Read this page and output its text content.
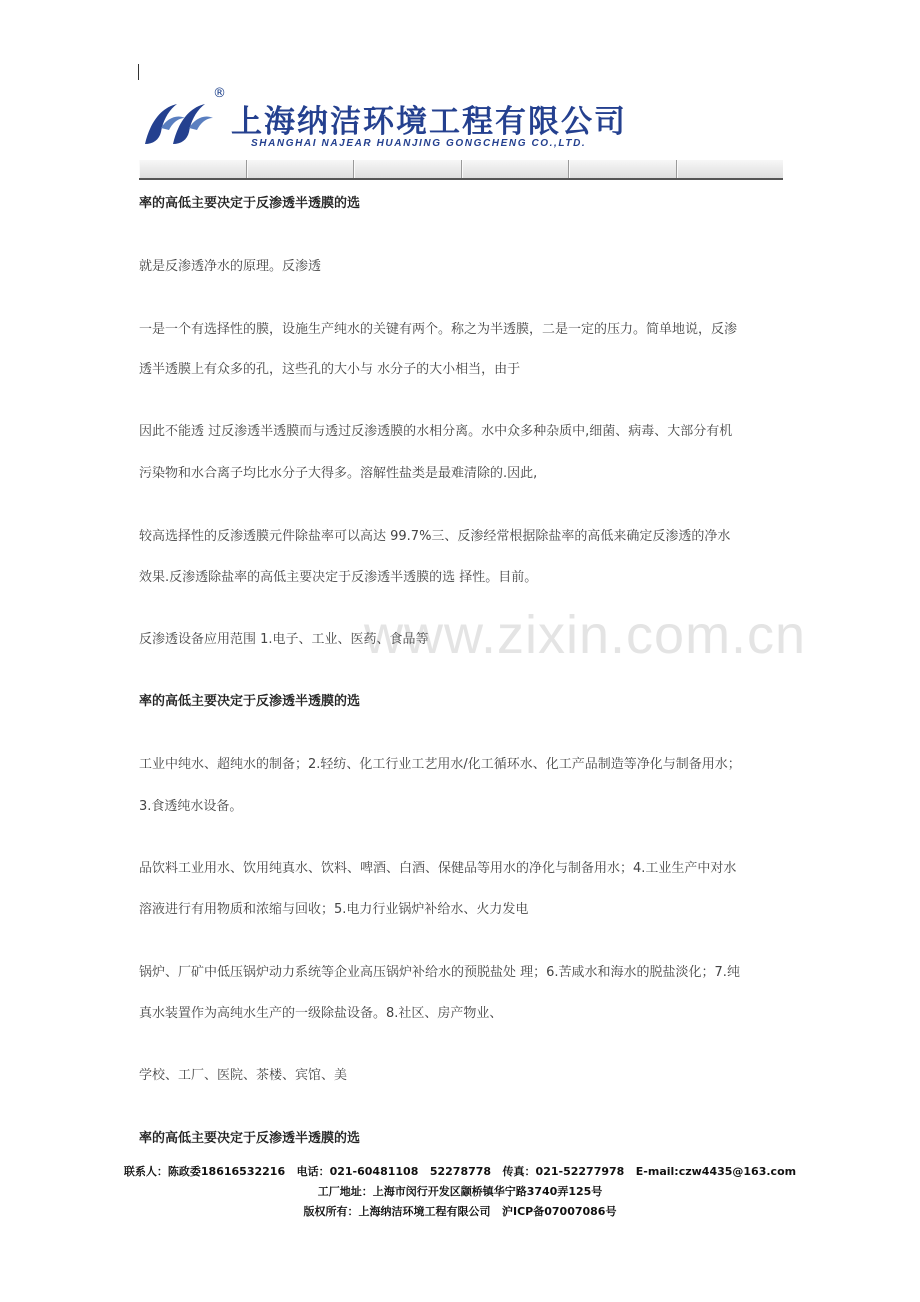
®
上海纳洁环境工程有限公司
SHANGHAI NAJEAR HUANJING GONGCHENG CO.,LTD.
www.zixin.com.cn
率的高低主要决定于反渗透半透膜的选
就是反渗透净水的原理。反渗透
一是一个有选择性的膜，设施生产纯水的关键有两个。称之为半透膜，二是一定的压力。简单地说，反渗
透半透膜上有众多的孔，这些孔的大小与 水分子的大小相当，由于
因此不能透 过反渗透半透膜而与透过反渗透膜的水相分离。水中众多种杂质中,细菌、病毒、大部分有机
污染物和水合离子均比水分子大得多。溶解性盐类是最难清除的.因此,
较高选择性的反渗透膜元件除盐率可以高达 99.7%三、反渗经常根据除盐率的高低来确定反渗透的净水
效果.反渗透除盐率的高低主要决定于反渗透半透膜的选 择性。目前。
反渗透设备应用范围 1.电子、工业、医药、食品等
率的高低主要决定于反渗透半透膜的选
工业中纯水、超纯水的制备；2.轻纺、化工行业工艺用水/化工循环水、化工产品制造等净化与制备用水；
3.食透纯水设备。
品饮料工业用水、饮用纯真水、饮料、啤酒、白酒、保健品等用水的净化与制备用水；4.工业生产中对水
溶液进行有用物质和浓缩与回收；5.电力行业锅炉补给水、火力发电
锅炉、厂矿中低压锅炉动力系统等企业高压锅炉补给水的预脱盐处 理；6.苦咸水和海水的脱盐淡化；7.纯
真水装置作为高纯水生产的一级除盐设备。8.社区、房产物业、
学校、工厂、医院、茶楼、宾馆、美
率的高低主要决定于反渗透半透膜的选
联系人：陈政委18616532216   电话：021-60481108   52278778   传真：021-52277978   E-mail:czw4435@163.com
工厂地址：上海市闵行开发区颛桥镇华宁路3740弄125号
版权所有：上海纳洁环境工程有限公司   沪ICP备07007086号
